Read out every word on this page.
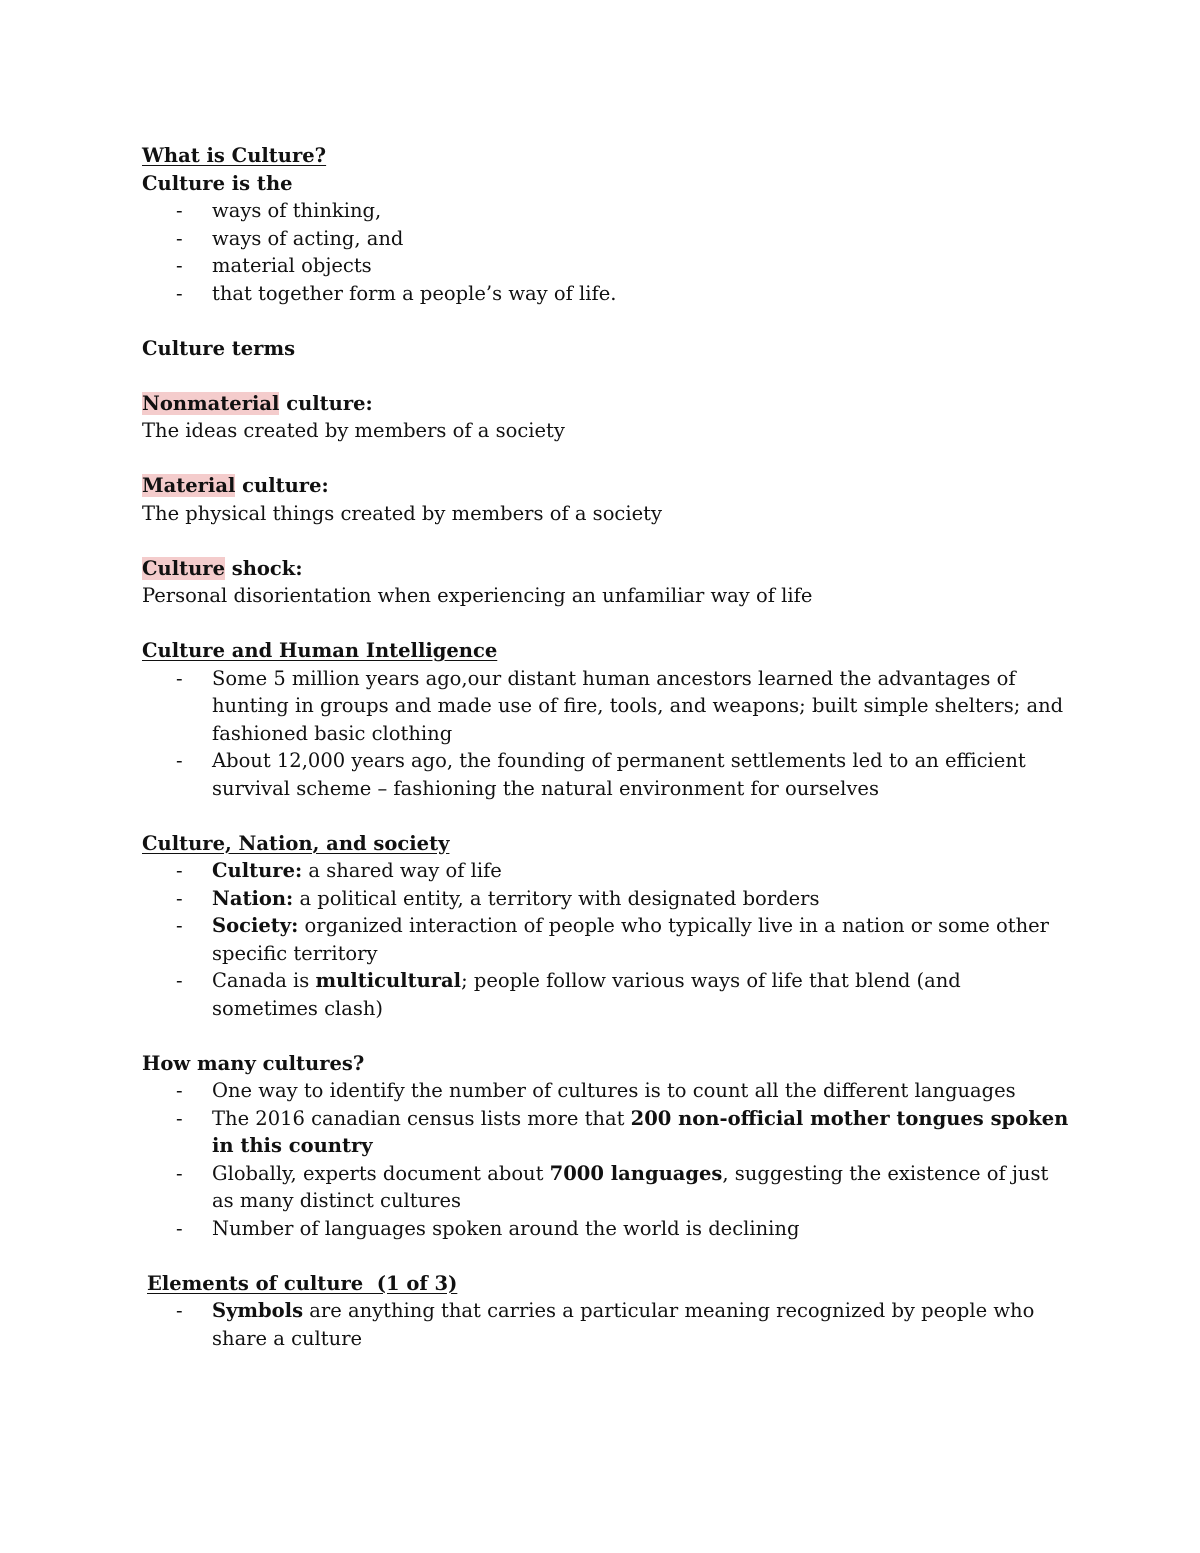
What is Culture?
Culture is the
- ways of thinking,
- ways of acting, and
- material objects
- that together form a people’s way of life.
Culture terms
Nonmaterial culture:
The ideas created by members of a society
Material culture:
The physical things created by members of a society
Culture shock:
Personal disorientation when experiencing an unfamiliar way of life
Culture and Human Intelligence
- Some 5 million years ago,our distant human ancestors learned the advantages of hunting in groups and made use of fire, tools, and weapons; built simple shelters; and fashioned basic clothing
- About 12,000 years ago, the founding of permanent settlements led to an efficient survival scheme – fashioning the natural environment for ourselves
Culture, Nation, and society
- Culture: a shared way of life
- Nation: a political entity, a territory with designated borders
- Society: organized interaction of people who typically live in a nation or some other specific territory
- Canada is multicultural; people follow various ways of life that blend (and sometimes clash)
How many cultures?
- One way to identify the number of cultures is to count all the different languages
- The 2016 canadian census lists more that 200 non-official mother tongues spoken in this country
- Globally, experts document about 7000 languages, suggesting the existence of just as many distinct cultures
- Number of languages spoken around the world is declining
Elements of culture  (1 of 3)
- Symbols are anything that carries a particular meaning recognized by people who share a culture
